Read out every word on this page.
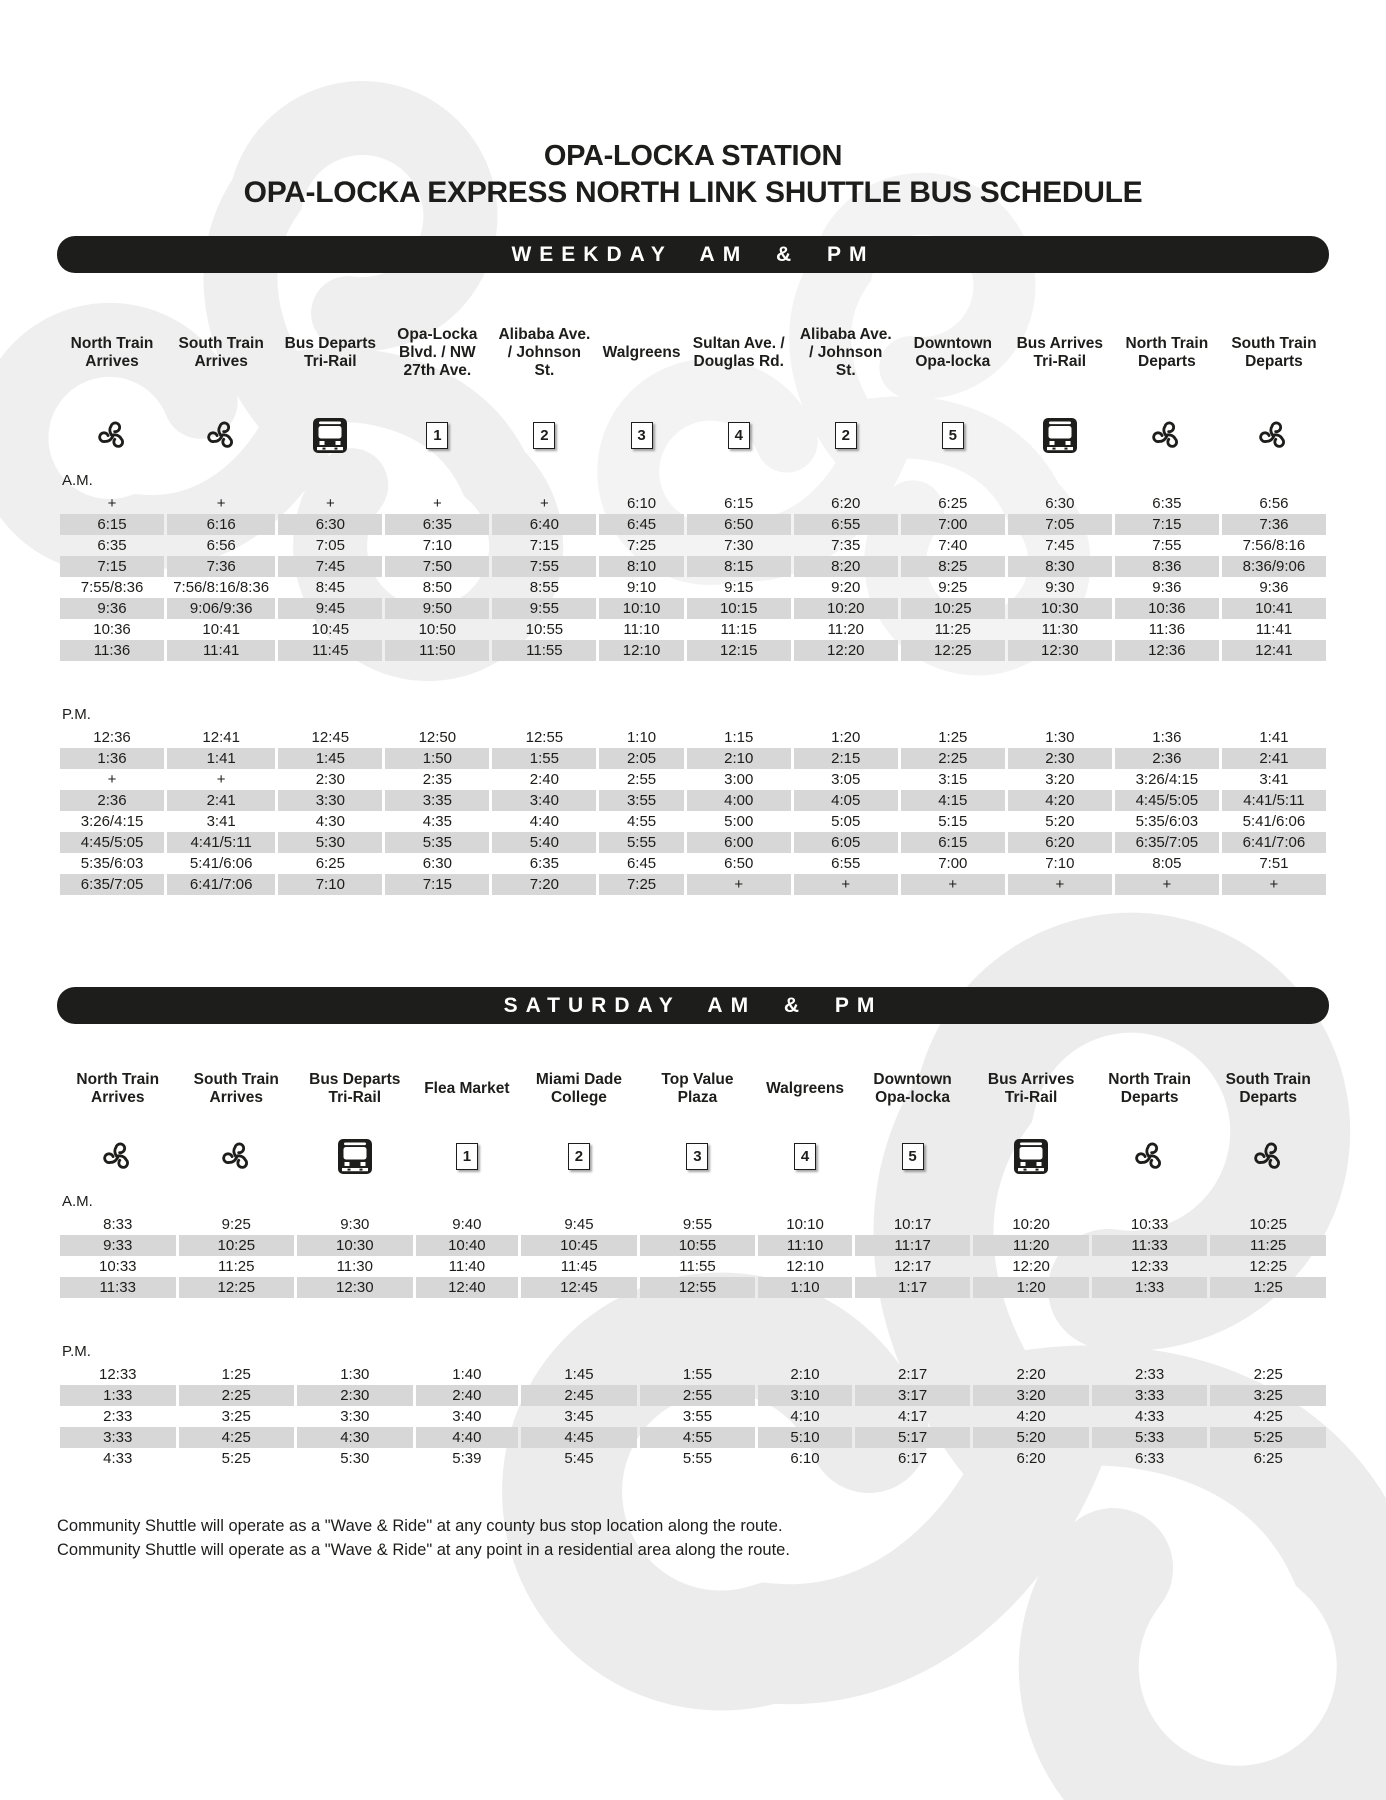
OPA-LOCKA STATION
OPA-LOCKA EXPRESS NORTH LINK SHUTTLE BUS SCHEDULE
WEEKDAY AM & PM
North Train Arrives	South Train Arrives	Bus Departs Tri-Rail	Opa-Locka Blvd. / NW 27th Ave.	Alibaba Ave. / Johnson St.	Walgreens	Sultan Ave. / Douglas Rd.	Alibaba Ave. / Johnson St.	Downtown Opa-locka	Bus Arrives Tri-Rail	North Train Departs	South Train Departs

			1	2	3	4	2	5			
A.M.											
+	+	+	+	+	6:10	6:15	6:20	6:25	6:30	6:35	6:56
6:15	6:16	6:30	6:35	6:40	6:45	6:50	6:55	7:00	7:05	7:15	7:36
6:35	6:56	7:05	7:10	7:15	7:25	7:30	7:35	7:40	7:45	7:55	7:56/8:16
7:15	7:36	7:45	7:50	7:55	8:10	8:15	8:20	8:25	8:30	8:36	8:36/9:06
7:55/8:36	7:56/8:16/8:36	8:45	8:50	8:55	9:10	9:15	9:20	9:25	9:30	9:36	9:36
9:36	9:06/9:36	9:45	9:50	9:55	10:10	10:15	10:20	10:25	10:30	10:36	10:41
10:36	10:41	10:45	10:50	10:55	11:10	11:15	11:20	11:25	11:30	11:36	11:41
11:36	11:41	11:45	11:50	11:55	12:10	12:15	12:20	12:25	12:30	12:36	12:41
P.M.											
12:36	12:41	12:45	12:50	12:55	1:10	1:15	1:20	1:25	1:30	1:36	1:41
1:36	1:41	1:45	1:50	1:55	2:05	2:10	2:15	2:25	2:30	2:36	2:41
+	+	2:30	2:35	2:40	2:55	3:00	3:05	3:15	3:20	3:26/4:15	3:41
2:36	2:41	3:30	3:35	3:40	3:55	4:00	4:05	4:15	4:20	4:45/5:05	4:41/5:11
3:26/4:15	3:41	4:30	4:35	4:40	4:55	5:00	5:05	5:15	5:20	5:35/6:03	5:41/6:06
4:45/5:05	4:41/5:11	5:30	5:35	5:40	5:55	6:00	6:05	6:15	6:20	6:35/7:05	6:41/7:06
5:35/6:03	5:41/6:06	6:25	6:30	6:35	6:45	6:50	6:55	7:00	7:10	8:05	7:51
6:35/7:05	6:41/7:06	7:10	7:15	7:20	7:25	+	+	+	+	+	+
SATURDAY AM & PM
North Train Arrives	South Train Arrives	Bus Departs Tri-Rail	Flea Market	Miami Dade College	Top Value Plaza	Walgreens	Downtown Opa-locka	Bus Arrives Tri-Rail	North Train Departs	South Train Departs

			1	2	3	4	5			
A.M.										
8:33	9:25	9:30	9:40	9:45	9:55	10:10	10:17	10:20	10:33	10:25
9:33	10:25	10:30	10:40	10:45	10:55	11:10	11:17	11:20	11:33	11:25
10:33	11:25	11:30	11:40	11:45	11:55	12:10	12:17	12:20	12:33	12:25
11:33	12:25	12:30	12:40	12:45	12:55	1:10	1:17	1:20	1:33	1:25
P.M.										
12:33	1:25	1:30	1:40	1:45	1:55	2:10	2:17	2:20	2:33	2:25
1:33	2:25	2:30	2:40	2:45	2:55	3:10	3:17	3:20	3:33	3:25
2:33	3:25	3:30	3:40	3:45	3:55	4:10	4:17	4:20	4:33	4:25
3:33	4:25	4:30	4:40	4:45	4:55	5:10	5:17	5:20	5:33	5:25
4:33	5:25	5:30	5:39	5:45	5:55	6:10	6:17	6:20	6:33	6:25
Community Shuttle will operate as a "Wave & Ride" at any county bus stop location along the route.
Community Shuttle will operate as a "Wave & Ride" at any point in a residential area along the route.
